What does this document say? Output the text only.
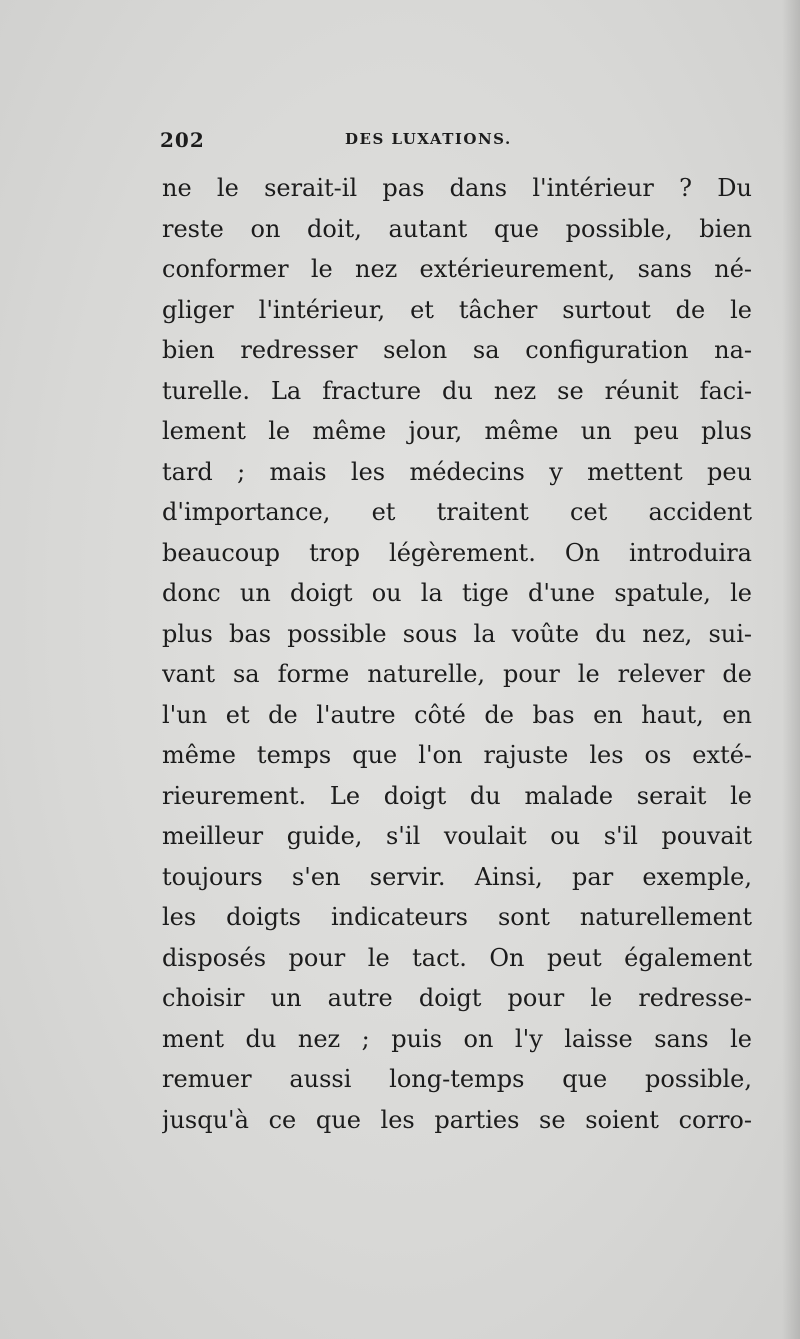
202	DES LUXATIONS.
ne le serait-il pas dans l'intérieur ? Du
reste on doit, autant que possible, bien
conformer le nez extérieurement, sans né-
gliger l'intérieur, et tâcher surtout de le
bien redresser selon sa configuration na-
turelle. La fracture du nez se réunit faci-
lement le même jour, même un peu plus
tard ; mais les médecins y mettent peu
d'importance, et traitent cet accident
beaucoup trop légèrement. On introduira
donc un doigt ou la tige d'une spatule, le
plus bas possible sous la voûte du nez, sui-
vant sa forme naturelle, pour le relever de
l'un et de l'autre côté de bas en haut, en
même temps que l'on rajuste les os exté-
rieurement. Le doigt du malade serait le
meilleur guide, s'il voulait ou s'il pouvait
toujours s'en servir. Ainsi, par exemple,
les doigts indicateurs sont naturellement
disposés pour le tact. On peut également
choisir un autre doigt pour le redresse-
ment du nez ; puis on l'y laisse sans le
remuer aussi long-temps que possible,
jusqu'à ce que les parties se soient corro-
